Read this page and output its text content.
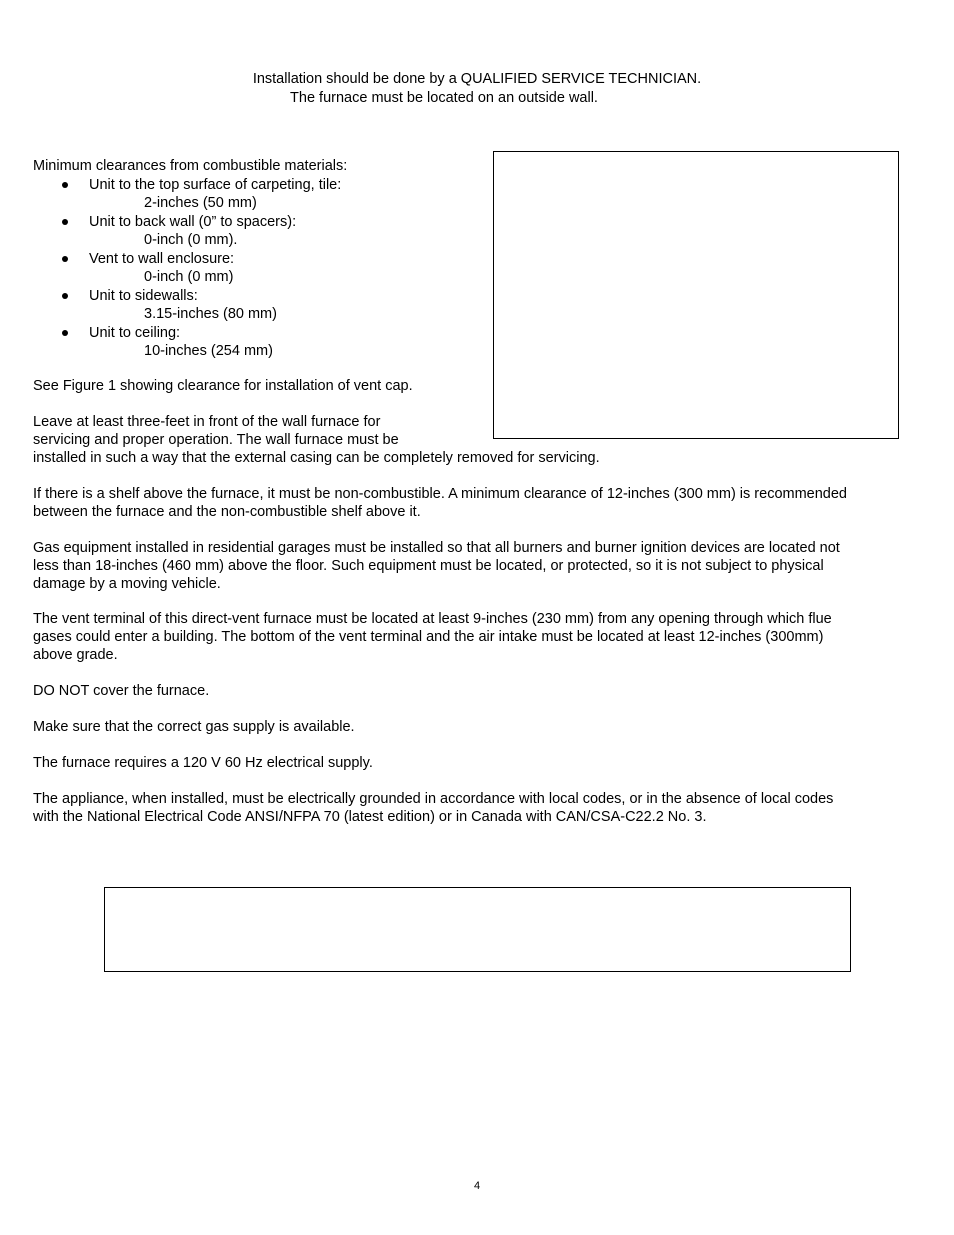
Installation should be done by a QUALIFIED SERVICE TECHNICIAN.
The furnace must be located on an outside wall.
Minimum clearances from combustible materials:
Unit to the top surface of carpeting, tile:
2-inches (50 mm)
Unit to back wall (0” to spacers):
0-inch (0 mm).
Vent to wall enclosure:
0-inch (0 mm)
Unit to sidewalls:
3.15-inches (80 mm)
Unit to ceiling:
10-inches (254 mm)
See Figure 1 showing clearance for installation of vent cap.
Leave at least three-feet in front of the wall furnace for
servicing and proper operation. The wall furnace must be
installed in such a way that the external casing can be completely removed for servicing.
If there is a shelf above the furnace, it must be non-combustible. A minimum clearance of 12-inches (300 mm) is recommended
between the furnace and the non-combustible shelf above it.
Gas equipment installed in residential garages must be installed so that all burners and burner ignition devices are located not
less than 18-inches (460 mm) above the floor. Such equipment must be located, or protected, so it is not subject to physical
damage by a moving vehicle.
The vent terminal of this direct-vent furnace must be located at least 9-inches (230 mm) from any opening through which flue
gases could enter a building. The bottom of the vent terminal and the air intake must be located at least 12-inches (300mm)
above grade.
DO NOT cover the furnace.
Make sure that the correct gas supply is available.
The furnace requires a 120 V 60 Hz electrical supply.
The appliance, when installed, must be electrically grounded in accordance with local codes, or in the absence of local codes
with the National Electrical Code ANSI/NFPA 70 (latest edition) or in Canada with CAN/CSA-C22.2 No. 3.
4
